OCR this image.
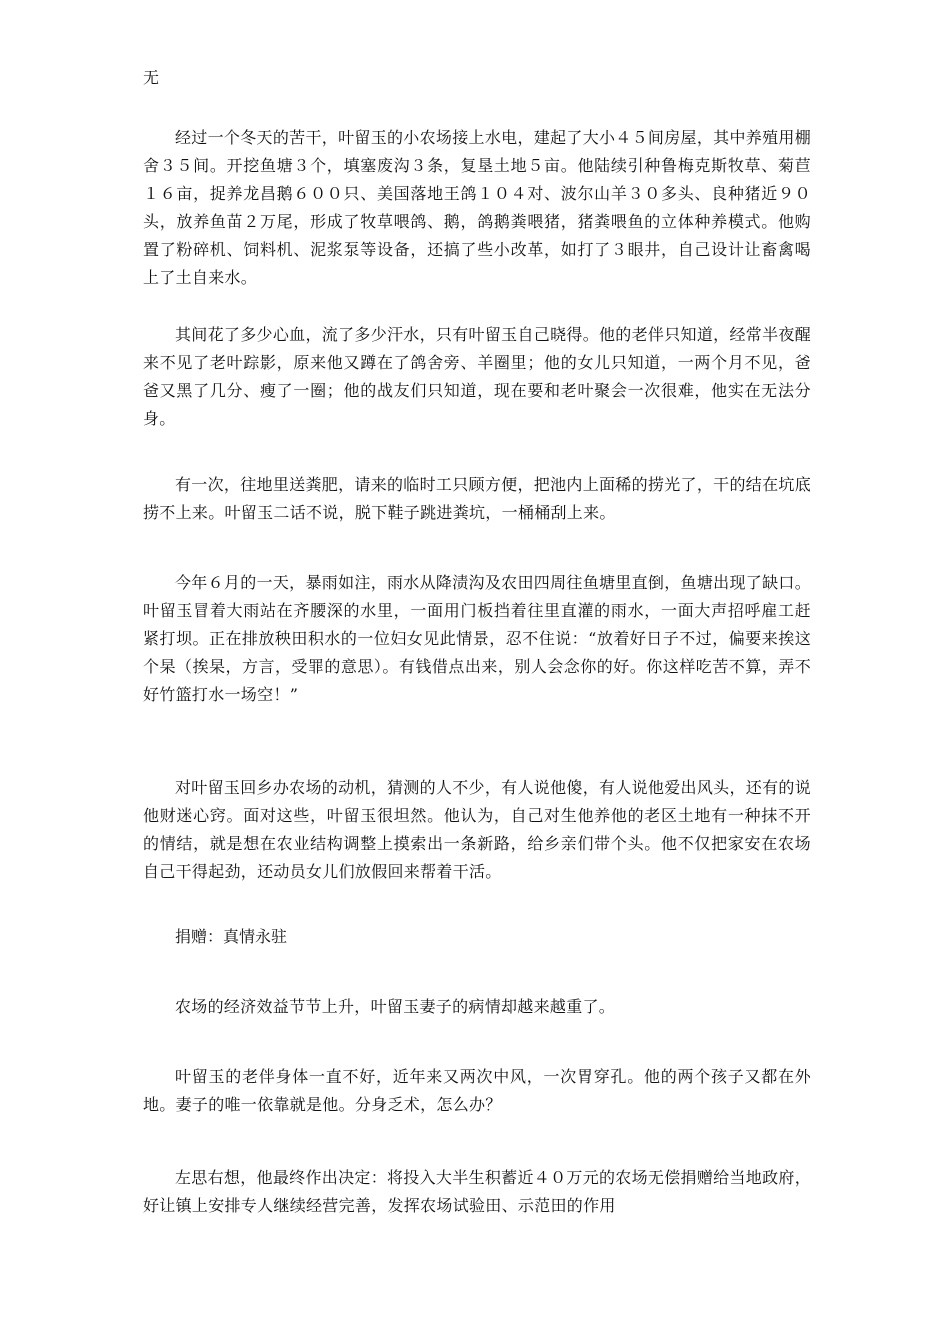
无

经过一个冬天的苦干，叶留玉的小农场接上水电，建起了大小４５间房屋，其中养殖用棚舍３５间。开挖鱼塘３个，填塞废沟３条，复垦土地５亩。他陆续引种鲁梅克斯牧草、菊苣１６亩，捉养龙昌鹅６００只、美国落地王鸽１０４对、波尔山羊３０多头、良种猪近９０头，放养鱼苗２万尾，形成了牧草喂鸽、鹅，鸽鹅粪喂猪，猪粪喂鱼的立体种养模式。他购置了粉碎机、饲料机、泥浆泵等设备，还搞了些小改革，如打了３眼井，自己设计让畜禽喝上了土自来水。

其间花了多少心血，流了多少汗水，只有叶留玉自己晓得。他的老伴只知道，经常半夜醒来不见了老叶踪影，原来他又蹲在了鸽舍旁、羊圈里；他的女儿只知道，一两个月不见，爸爸又黑了几分、瘦了一圈；他的战友们只知道，现在要和老叶聚会一次很难，他实在无法分身。

有一次，往地里送粪肥，请来的临时工只顾方便，把池内上面稀的捞光了，干的结在坑底捞不上来。叶留玉二话不说，脱下鞋子跳进粪坑，一桶桶刮上来。

今年６月的一天，暴雨如注，雨水从降渍沟及农田四周往鱼塘里直倒，鱼塘出现了缺口。叶留玉冒着大雨站在齐腰深的水里，一面用门板挡着往里直灌的雨水，一面大声招呼雇工赶紧打坝。正在排放秧田积水的一位妇女见此情景，忍不住说：“放着好日子不过，偏要来挨这个杲（挨杲，方言，受罪的意思）。有钱借点出来，别人会念你的好。你这样吃苦不算，弄不好竹篮打水一场空！”

对叶留玉回乡办农场的动机，猜测的人不少，有人说他傻，有人说他爱出风头，还有的说他财迷心窍。面对这些，叶留玉很坦然。他认为，自己对生他养他的老区土地有一种抹不开的情结，就是想在农业结构调整上摸索出一条新路，给乡亲们带个头。他不仅把家安在农场自己干得起劲，还动员女儿们放假回来帮着干活。

捐赠：真情永驻

农场的经济效益节节上升，叶留玉妻子的病情却越来越重了。

叶留玉的老伴身体一直不好，近年来又两次中风，一次胃穿孔。他的两个孩子又都在外地。妻子的唯一依靠就是他。分身乏术，怎么办？

左思右想，他最终作出决定：将投入大半生积蓄近４０万元的农场无偿捐赠给当地政府，好让镇上安排专人继续经营完善，发挥农场试验田、示范田的作用
